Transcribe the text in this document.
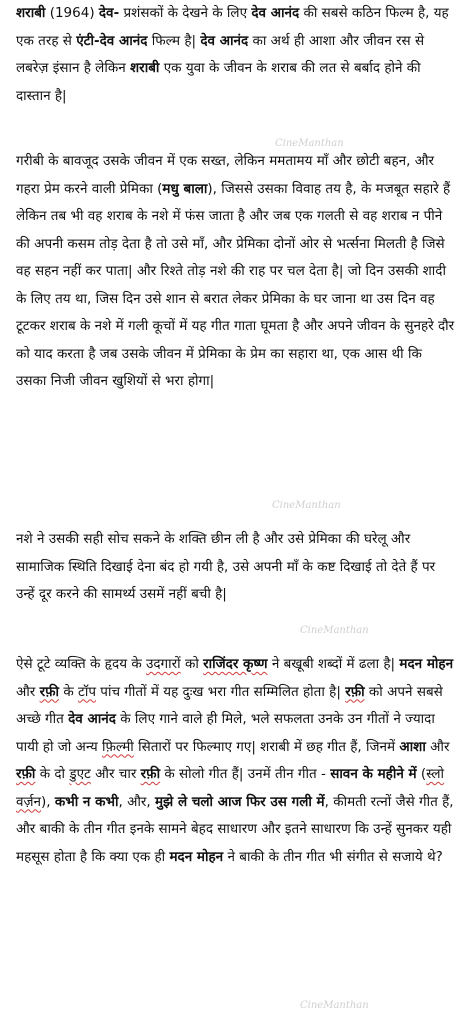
शराबी (1964) देव- प्रशंसकों के देखने के लिए देव आनंद की सबसे कठिन फिल्म है, यह एक तरह से एंटी-देव आनंद फिल्म है| देव आनंद का अर्थ ही आशा और जीवन रस से लबरेज़ इंसान है लेकिन शराबी एक युवा के जीवन के शराब की लत से बर्बाद होने की दास्तान है|

गरीबी के बावजूद उसके जीवन में एक सख्त, लेकिन ममतामय माँ और छोटी बहन, और गहरा प्रेम करने वाली प्रेमिका (मधु बाला), जिससे उसका विवाह तय है, के मजबूत सहारे हैं लेकिन तब भी वह शराब के नशे में फंस जाता है और जब एक गलती से वह शराब न पीने की अपनी कसम तोड़ देता है तो उसे माँ, और प्रेमिका दोनों ओर से भर्त्सना मिलती है जिसे वह सहन नहीं कर पाता| और रिश्ते तोड़ नशे की राह पर चल देता है| जो दिन उसकी शादी के लिए तय था, जिस दिन उसे शान से बरात लेकर प्रेमिका के घर जाना था उस दिन वह टूटकर शराब के नशे में गली कूचों में यह गीत गाता घूमता है और अपने जीवन के सुनहरे दौर को याद करता है जब उसके जीवन में प्रेमिका के प्रेम का सहारा था, एक आस थी कि उसका निजी जीवन खुशियों से भरा होगा|

नशे ने उसकी सही सोच सकने के शक्ति छीन ली है और उसे प्रेमिका की घरेलू और सामाजिक स्थिति दिखाई देना बंद हो गयी है, उसे अपनी माँ के कष्ट दिखाई तो देते हैं पर उन्हें दूर करने की सामर्थ्य उसमें नहीं बची है|

ऐसे टूटे व्यक्ति के हृदय के उदगारों को राजिंदर कृष्ण ने बखूबी शब्दों में ढला है| मदन मोहन और रफ़ी के टॉप पांच गीतों में यह दुःख भरा गीत सम्मिलित होता है| रफ़ी को अपने सबसे अच्छे गीत देव आनंद के लिए गाने वाले ही मिले, भले सफलता उनके उन गीतों ने ज्यादा पायी हो जो अन्य फ़िल्मी सितारों पर फिल्माए गए| शराबी में छह गीत हैं, जिनमें आशा और रफ़ी के दो डुएट और चार रफ़ी के सोलो गीत हैं| उनमें तीन गीत - सावन के महीने में (स्लो वर्ज़न), कभी न कभी, और, मुझे ले चलो आज फिर उस गली में, कीमती रत्नों जैसे गीत हैं, और बाकी के तीन गीत इनके सामने बेहद साधारण और इतने साधारण कि उन्हें सुनकर यही महसूस होता है कि क्या एक ही मदन मोहन ने बाकी के तीन गीत भी संगीत से सजाये थे?

CineManthan
CineManthan
CineManthan
CineManthan
